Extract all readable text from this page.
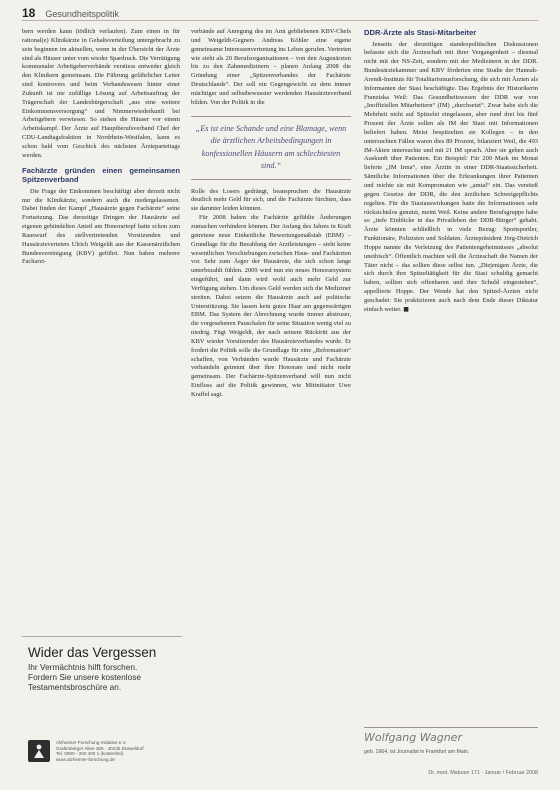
18 Gesundheitspolitik

bern werden kann (tödlich verlaufen). Zum einen in für rational(e) Klinikärzte in Gehaltsverteilung untergebracht zu sein beginnen im aktuellen, wenn in der Übersicht der Ärzte sind als Häuser unter vom wieder Spardruck. Die Verrätigung kommunaler Arbeitgeberverbände verstiess entweder gleich den Klinikern gemeinsam. Die Führung gefährlicher Leiter sind kontrovers und beim Verbandswesen hinter einer Zukunft ist nie zufällige Lösung auf Arbeitsauftrag der Trägerschaft der Landesbürgerschaft „aus eine weitere Einkommensversorgung“ und Nimmerwiederkunft bei Arbeitgebern verwiesen. So stehen die Häuser vor einem Arbeitskampf. Der Ärzte auf Hauptberufsverband Chef der CDU-Landtagsfraktion in Nordrhein-Westfalen, kann es schon bald vom Geschick des nächsten Ärzteparteitags werden.

Fachärzte gründen einen gemeinsamen Spitzenverband

Die Frage der Einkommen beschäftigt aber derzeit nicht nur die Klinikärzte, sondern auch die niedergelassenen. Dabei finden der Kampf „Hausärzte gegen Fachärzte“ seine Fortsetzung. Das derzeitige Dringen der Hausärzte auf eigenen gebündelten Anteil am Honorartopf hatte schon zum Rauswurf des stellvertretenden Vorsitzenden und Hausärzteverteters Ulrich Weigeldt aus der Kassenärztlichen Bundesvereinigung (KBV) geführt. Nun haben mehrere Facharzt-

verbände auf Anregung des im Amt gebliebenen KBV-Chefs und Weigeldt-Gegners Andreas Köhler eine eigene gemeinsame Interessenvertretung ins Leben gerufen. Vertreten wie sieht als 20 Berufsorganisationen – von den Augenärzten bis zu den Zahnmedizinern – planen Anfang 2008 die Gründung einer „Spitzenverbandes der Fachärzte Deutschlands“. Der soll ein Gegengewicht zu dem immer mächtiger und selbstbewusster werdenden Hausärzteverband bilden. Von der Politik in die

„Es ist eine Schande und eine Blamage, wenn die ärztlichen Arbeitsbedingungen in konfessionellen Häusern am schlechtesten sind.“

Rolle des Losers gedrängt, beanspruchen die Hausärzte deutlich mehr Geld für sich, und die Fachärzte fürchten, dass sie darunter leiden könnten.

Für 2008 haben die Fachärzte gefühlte Änderungen zumachen verhindern können. Der Anfang des Jahres in Kraft getretene neue Einheitliche Bewertungsmaßstab (EBM) – Grundlage für die Bezahlung der Arztleistungen – sieht keine wesentlichen Verschiebungen zwischen Haus- und Fachärzten vor. Sehr zum Ärger der Hausärzte, die sich schon lange unterbezahlt fühlen. 2009 wird nun ein neues Honorarsystem eingeführt, und dann wird wohl auch mehr Geld zur Verfügung stehen. Um dieses Geld werden sich die Mediziner streiten. Dabei setzen die Hausärzte auch auf politische Unterstützung. Sie lassen kein gutes Haar am gegenwärtigen EBM. Das System der Abrechnung wurde immer abstruser, die vorgesehenen Pauschalen für seine Situation wenig viel zu niedrig. Fügt Weigeldt, der nach seinem Rücktritt aus der KBV wieder Vorsitzender des Hausärzteverbandes wurde. Er fordert die Politik solle die Grundlage für eine „Reformation“ schaffen, von Verbänden wurde Hausärzte und Fachärzte verhandeln getrennt über ihre Honorare und nicht mehr gemeinsam. Der Fachärzte-Spitzenverband will nun nicht Einfluss auf die Politik gewinnen, wie Mitinitiator Uwe Kraffel sagt.

DDR-Ärzte als Stasi-Mitarbeiter

Jenseits der derzeitigen standespolitischen Diskussionen befasste sich die Ärzteschaft mit ihrer Vergangenheit – diesmal nicht mit der NS-Zeit, sondern mit der Medizinern in der DDR. Bundesärztekammer und KBV förderten eine Studie der Hannah-Arendt-Instituts für Totalitarismusforschung, die sich mit Ärzten als Informanten der Stasi beschäftigte. Das Ergebnis der Historikerin Franziska Weil: Das Gesundheitswesen der DDR war von „Inoffiziellen Mitarbeitern“ (IM) „durchsetzt“. Zwar habe sich die Mehrheit nicht auf Spitzelei eingelassen, aber rund drei bis fünf Prozent der Ärzte sollen als IM der Stasi mit Informationen beliefert haben. Meist bespitzelten sie Kollegen – in den untersuchten Fällen waren dies 89 Prozent, bilanziert Weil, die 493 IM-Akten untersuchte und mit 21 IM sprach. Aber sie geben auch Auskunft über Patienten. Ein Beispiel: Für 200 Mark im Monat lieferte „IM Irma“, eine Ärztin in einer DDR-Staatssicherheit. Sämtliche Informationen über die Erkrankungen ihrer Patienten und reichte sie mit Kompromaten wie „amtal“ ein. Das verstieß gegen Gesetze der DDR, die den ärztlichen Schweigepflichts regelten. Für die Stasiauswirkungen hatte die Informationen sehr rücksichtslos genutzt, meint Weil. Keine andere Berufsgruppe habe so „tiefe Einblicke in das Privatleben der DDR-Bürger“ gehabt. Ärzte könnten schließlich in viele Bezug: Sportsportler, Funktionäre, Polizisten und Soldaten. Ärztepräsident Jörg-Dietrich Hoppe nannte die Verletzung des Patientengeheimnisses „absolut unethisch“. Öffentlich machten will die Ärzteschaft die Namen der Täter nicht – das sollten diese selbst tun. „Diejenigen Ärzte, die sich durch ihre Spitzeltätigkeit für die Stasi schuldig gemacht haben, sollten sich offenbaren und ihre Schuld eingestehen“, appellierte Hoppe. Der Wende hat den Spitzel-Ärzten nicht geschadet: Sie praktizieren auch nach dem Ende dieser Diktatur einfach weiter. ■

Wider das Vergessen
Ihr Vermächtnis hilft forschen.
Fordern Sie unsere kostenlose
Testamentsbroschüre an.
Alzheimer Forschung Initiative e.V.
Grafenberger Allee 365 · 40235 Düsseldorf
Tel. 0800 - 200 400 1 (kostenfrei)
www.alzheimer-forschung.de
Wolfgang Wagner
geb. 1964, ist Journalist in Frankfurt am Main.
Dr. med. Mabuse 171 · Januar / Februar 2008
